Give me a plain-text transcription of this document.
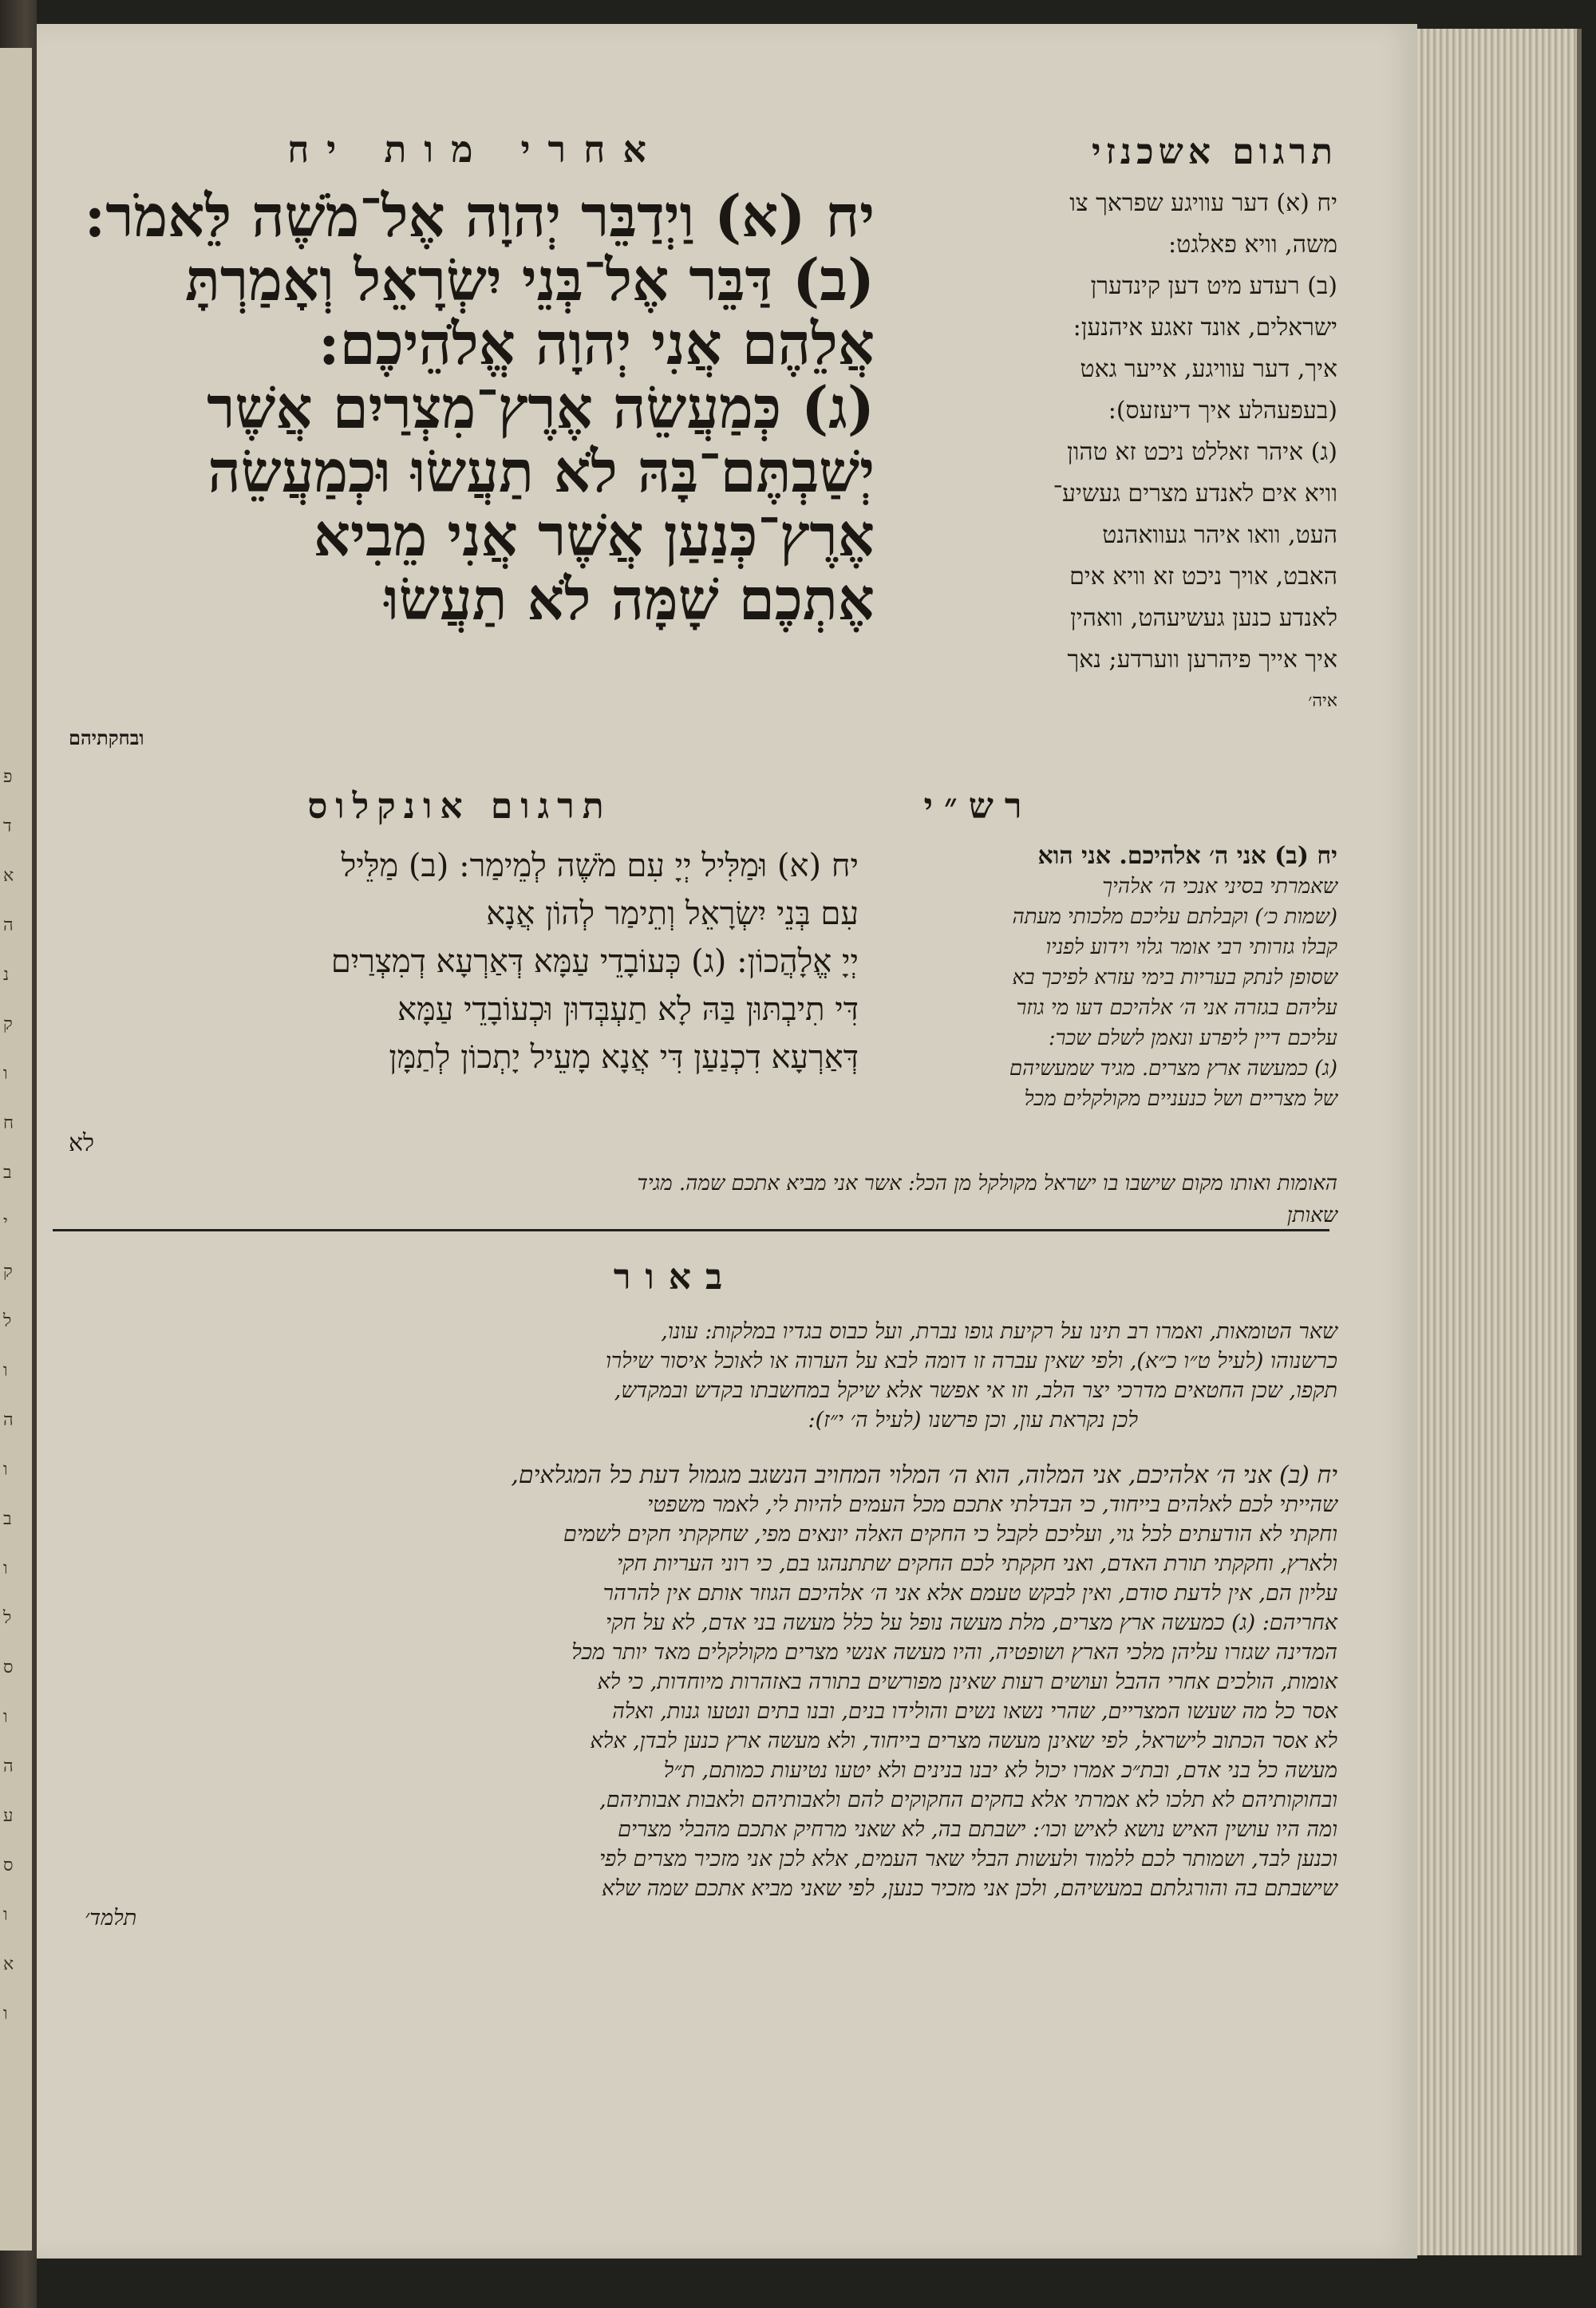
פ
ד
א
ה
נ
ק
ו
ח
ב
י
ק
ל
ו
ה
ו
ב
ו
ל
ס
ו
ה
ע
ס
ו
א
ו
תרגום אשכנזי
אחרי מות יח
יח (א) וַיְדַבֵּר יְהוָה אֶל־מֹשֶׁה לֵּאמֹר:
(ב) דַּבֵּר אֶל־בְּנֵי יִשְׂרָאֵל וְאָמַרְתָּ
אֲלֵהֶם אֲנִי יְהוָה אֱלֹהֵיכֶם:
(ג) כְּמַעֲשֵׂה אֶרֶץ־מִצְרַיִם אֲשֶׁר
יְשַׁבְתֶּם־בָּהּ לֹא תַעֲשׂוּ וּכְמַעֲשֵׂה
אֶרֶץ־כְּנַעַן אֲשֶׁר אֲנִי מֵבִיא
אֶתְכֶם שָׁמָּה לֹא תַעֲשׂוּ
ובחקתיהם
יח (א) דער עוויגע שפראך צו
משה, וויא פאלגט:
(ב) רעדע מיט דען קינדערן
ישראלים, אונד זאגע איהנען:
איך, דער עוויגע, אייער גאט
(בעפעהלע איך דיעזעס):
(ג) איהר זאללט ניכט זא טהון
וויא אים לאנדע מצרים געשיע־
העט, וואו איהר געוואהנט
האבט, אויך ניכט זא וויא אים
לאנדע כנען געשיעהט, וואהין
איך אייך פיהרען ווערדע; נאך
איה׳
תרגום אונקלוס	רש״י
יח (א) וּמַלִּיל יְיָ עִם מֹשֶׁה לְמֵימַר: (ב) מַלֵּיל
עִם בְּנֵי יִשְׂרָאֵל וְתֵימַר לְהוֹן אֲנָא
יְיָ אֱלָהֲכוֹן: (ג) כְּעוֹבָדֵי עַמָּא דְּאַרְעָא דְמִצְרַיִם
דִּי תִיבְתּוּן בַּהּ לָא תַעְבְּדוּן וּכְעוֹבָדֵי עַמָּא
דְּאַרְעָא דִכְנַעַן דִּי אֲנָא מָעֵיל יָתְכוֹן לְתַמָּן
לא
יח (ב) אני ה׳ אלהיכם. אני הוא
שאמרתי בסיני אנכי ה׳ אלהיך
(שמות כ׳) וקבלתם עליכם מלכותי מעתה
קבלו גזרותי רבי אומר גלוי וידוע לפניו
שסופן לנתק בעריות בימי עזרא לפיכך בא
עליהם בגזרה אני ה׳ אלהיכם דעו מי גוזר
עליכם דיין ליפרע ונאמן לשלם שכר:
(ג) כמעשה ארץ מצרים. מגיד שמעשיהם
של מצריים ושל כנעניים מקולקלים מכל
האומות ואותו מקום שישבו בו ישראל מקולקל מן הכל: אשר אני מביא אתכם שמה. מגיד
שאותן
באור
שאר הטומאות, ואמרו רב תינו על רקיעת גופו נברת, ועל כבוס בגדיו במלקות: עונו,
כרשנוהו (לעיל ט״ו כ״א), ולפי שאין עברה זו דומה לבא על הערוה או לאוכל איסור שילרו
תקפו, שכן החטאים מדרכי יצר הלב, וזו אי אפשר אלא שיקל במחשבתו בקדש ובמקדש,
לכן נקראת עון, וכן פרשנו (לעיל ה׳ י״ז):
יח (ב) אני ה׳ אלהיכם, אני המלוה, הוא ה׳ המלוי המחויב הנשגב מגמול דעת כל המגלאים,
שהייתי לכם לאלהים בייחוד, כי הבדלתי אתכם מכל העמים להיות לי, לאמר משפטי
וחקתי לא הודעתים לכל גוי, ועליכם לקבל כי החקים האלה יונאים מפי, שחקקתי חקים לשמים
ולארץ, וחקקתי תורת האדם, ואני חקקתי לכם החקים שתתנהגו בם, כי רוני העריות חקי
עליון הם, אין לדעת סודם, ואין לבקש טעמם אלא אני ה׳ אלהיכם הגוזר אותם אין להרהר
אחריהם: (ג) כמעשה ארץ מצרים, מלת מעשה נופל על כלל מעשה בני אדם, לא על חקי
המדינה שגזרו עליהן מלכי הארץ ושופטיה, והיו מעשה אנשי מצרים מקולקלים מאד יותר מכל
אומות, הולכים אחרי ההבל ועושים רעות שאינן מפורשים בתורה באזהרות מיוחדות, כי לא
אסר כל מה שעשו המצריים, שהרי נשאו נשים והולידו בנים, ובנו בתים ונטעו גנות, ואלה
לא אסר הכתוב לישראל, לפי שאינן מעשה מצרים בייחוד, ולא מעשה ארץ כנען לבדן, אלא
מעשה כל בני אדם, ובת״כ אמרו יכול לא יבנו בנינים ולא יטעו נטיעות כמותם, ת״ל
ובחוקותיהם לא תלכו לא אמרתי אלא בחקים החקוקים להם ולאבותיהם ולאבות אבותיהם,
ומה היו עושין האיש נושא לאיש וכו׳: ישבתם בה, לא שאני מרחיק אתכם מהבלי מצרים
וכנען לבד, ושמותר לכם ללמוד ולעשות הבלי שאר העמים, אלא לכן אני מזכיר מצרים לפי
שישבתם בה והורגלתם במעשיהם, ולכן אני מזכיר כנען, לפי שאני מביא אתכם שמה שלא
תלמד׳
